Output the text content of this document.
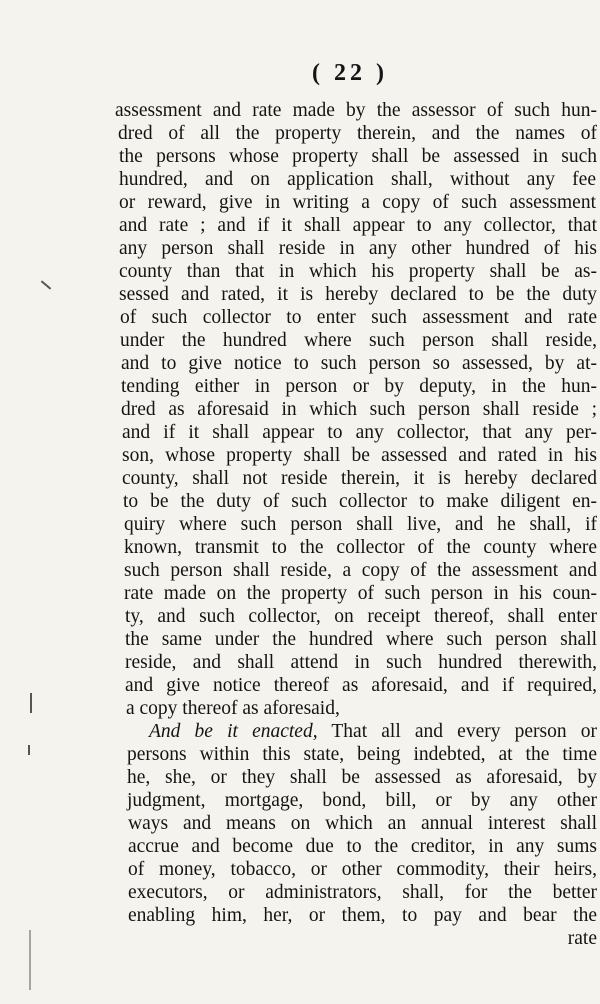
( 22 )
assessment and rate made by the assessor of such hun-
dred of all the property therein, and the names of
the persons whose property shall be assessed in such
hundred, and on application shall, without any fee
or reward, give in writing a copy of such assessment
and rate ; and if it shall appear to any collector, that
any person shall reside in any other hundred of his
county than that in which his property shall be as-
sessed and rated, it is hereby declared to be the duty
of such collector to enter such assessment and rate
under the hundred where such person shall reside,
and to give notice to such person so assessed, by at-
tending either in person or by deputy, in the hun-
dred as aforesaid in which such person shall reside ;
and if it shall appear to any collector, that any per-
son, whose property shall be assessed and rated in his
county, shall not reside therein, it is hereby declared
to be the duty of such collector to make diligent en-
quiry where such person shall live, and he shall, if
known, transmit to the collector of the county where
such person shall reside, a copy of the assessment and
rate made on the property of such person in his coun-
ty, and such collector, on receipt thereof, shall enter
the same under the hundred where such person shall
reside, and shall attend in such hundred therewith,
and give notice thereof as aforesaid, and if required,
a copy thereof as aforesaid,
And be it enacted, That all and every person or
persons within this state, being indebted, at the time
he, she, or they shall be assessed as aforesaid, by
judgment, mortgage, bond, bill, or by any other
ways and means on which an annual interest shall
accrue and become due to the creditor, in any sums
of money, tobacco, or other commodity, their heirs,
executors, or administrators, shall, for the better
enabling him, her, or them, to pay and bear the
rate
